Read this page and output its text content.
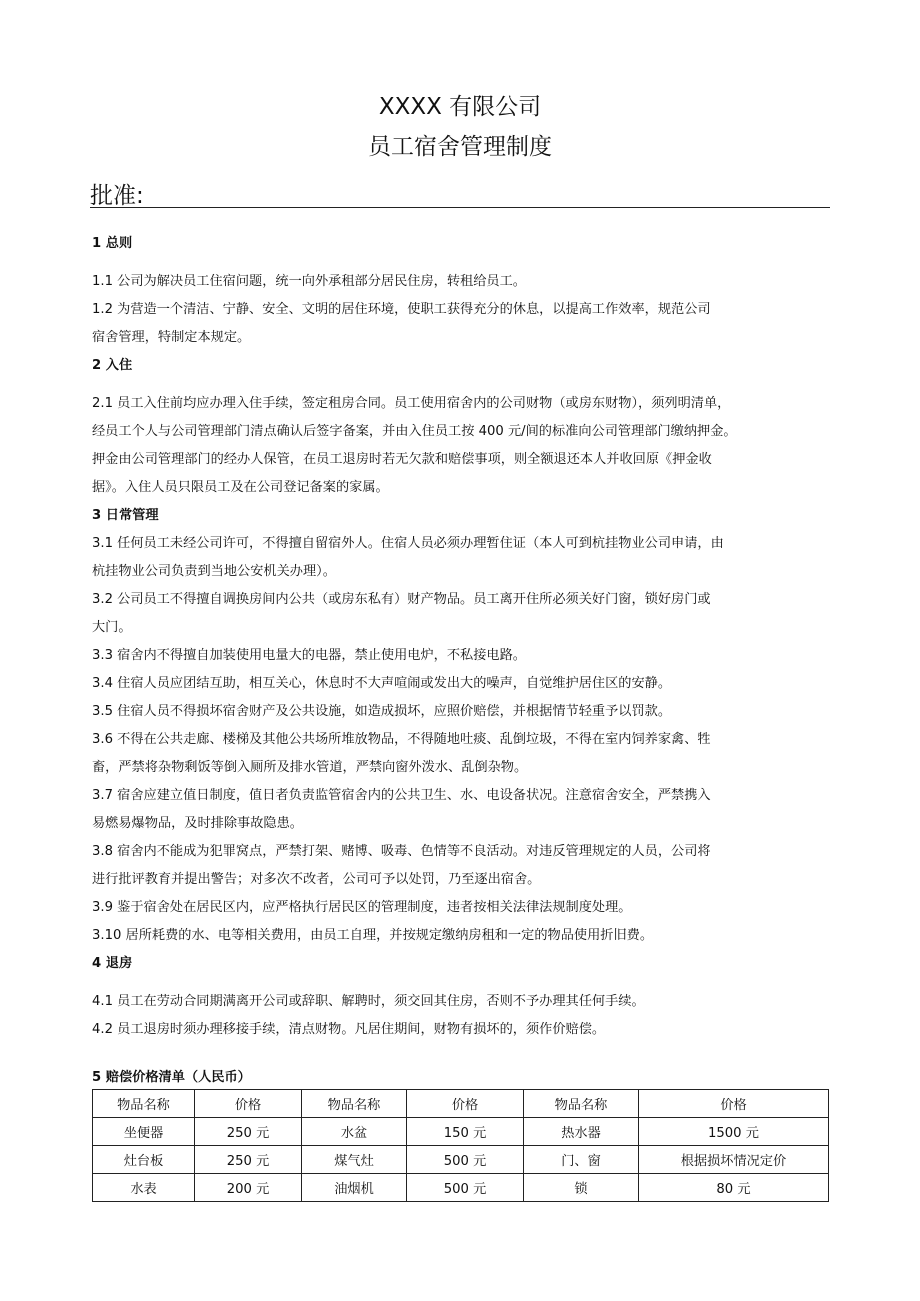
XXXX 有限公司
员工宿舍管理制度
批准:

1 总则

1.1 公司为解决员工住宿问题，统一向外承租部分居民住房，转租给员工。

1.2 为营造一个清洁、宁静、安全、文明的居住环境，使职工获得充分的休息，以提高工作效率，规范公司

宿舍管理，特制定本规定。

2 入住

2.1 员工入住前均应办理入住手续，签定租房合同。员工使用宿舍内的公司财物（或房东财物），须列明清单，

经员工个人与公司管理部门清点确认后签字备案，并由入住员工按 400 元/间的标准向公司管理部门缴纳押金。

押金由公司管理部门的经办人保管，在员工退房时若无欠款和赔偿事项，则全额退还本人并收回原《押金收

据》。入住人员只限员工及在公司登记备案的家属。

3 日常管理

3.1 任何员工未经公司许可，不得擅自留宿外人。住宿人员必须办理暂住证（本人可到杭挂物业公司申请，由

杭挂物业公司负责到当地公安机关办理）。

3.2 公司员工不得擅自调换房间内公共（或房东私有）财产物品。员工离开住所必须关好门窗，锁好房门或

大门。

3.3 宿舍内不得擅自加装使用电量大的电器，禁止使用电炉，不私接电路。

3.4 住宿人员应团结互助，相互关心，休息时不大声喧闹或发出大的噪声，自觉维护居住区的安静。

3.5 住宿人员不得损坏宿舍财产及公共设施，如造成损坏，应照价赔偿，并根据情节轻重予以罚款。

3.6 不得在公共走廊、楼梯及其他公共场所堆放物品，不得随地吐痰、乱倒垃圾，不得在室内饲养家禽、牲

畜，严禁将杂物剩饭等倒入厕所及排水管道，严禁向窗外泼水、乱倒杂物。

3.7 宿舍应建立值日制度，值日者负责监管宿舍内的公共卫生、水、电设备状况。注意宿舍安全，严禁携入

易燃易爆物品，及时排除事故隐患。

3.8 宿舍内不能成为犯罪窝点，严禁打架、赌博、吸毒、色情等不良活动。对违反管理规定的人员，公司将

进行批评教育并提出警告；对多次不改者，公司可予以处罚，乃至逐出宿舍。

3.9 鉴于宿舍处在居民区内，应严格执行居民区的管理制度，违者按相关法律法规制度处理。

3.10 居所耗费的水、电等相关费用，由员工自理，并按规定缴纳房租和一定的物品使用折旧费。

4 退房

4.1 员工在劳动合同期满离开公司或辞职、解聘时，须交回其住房，否则不予办理其任何手续。

4.2 员工退房时须办理移接手续，清点财物。凡居住期间，财物有损坏的，须作价赔偿。

5 赔偿价格清单（人民币）
物品名称	价格	物品名称	价格	物品名称	价格
坐便器	250 元	水盆	150 元	热水器	1500 元
灶台板	250 元	煤气灶	500 元	门、窗	根据损坏情况定价
水表	200 元	油烟机	500 元	锁	80 元
